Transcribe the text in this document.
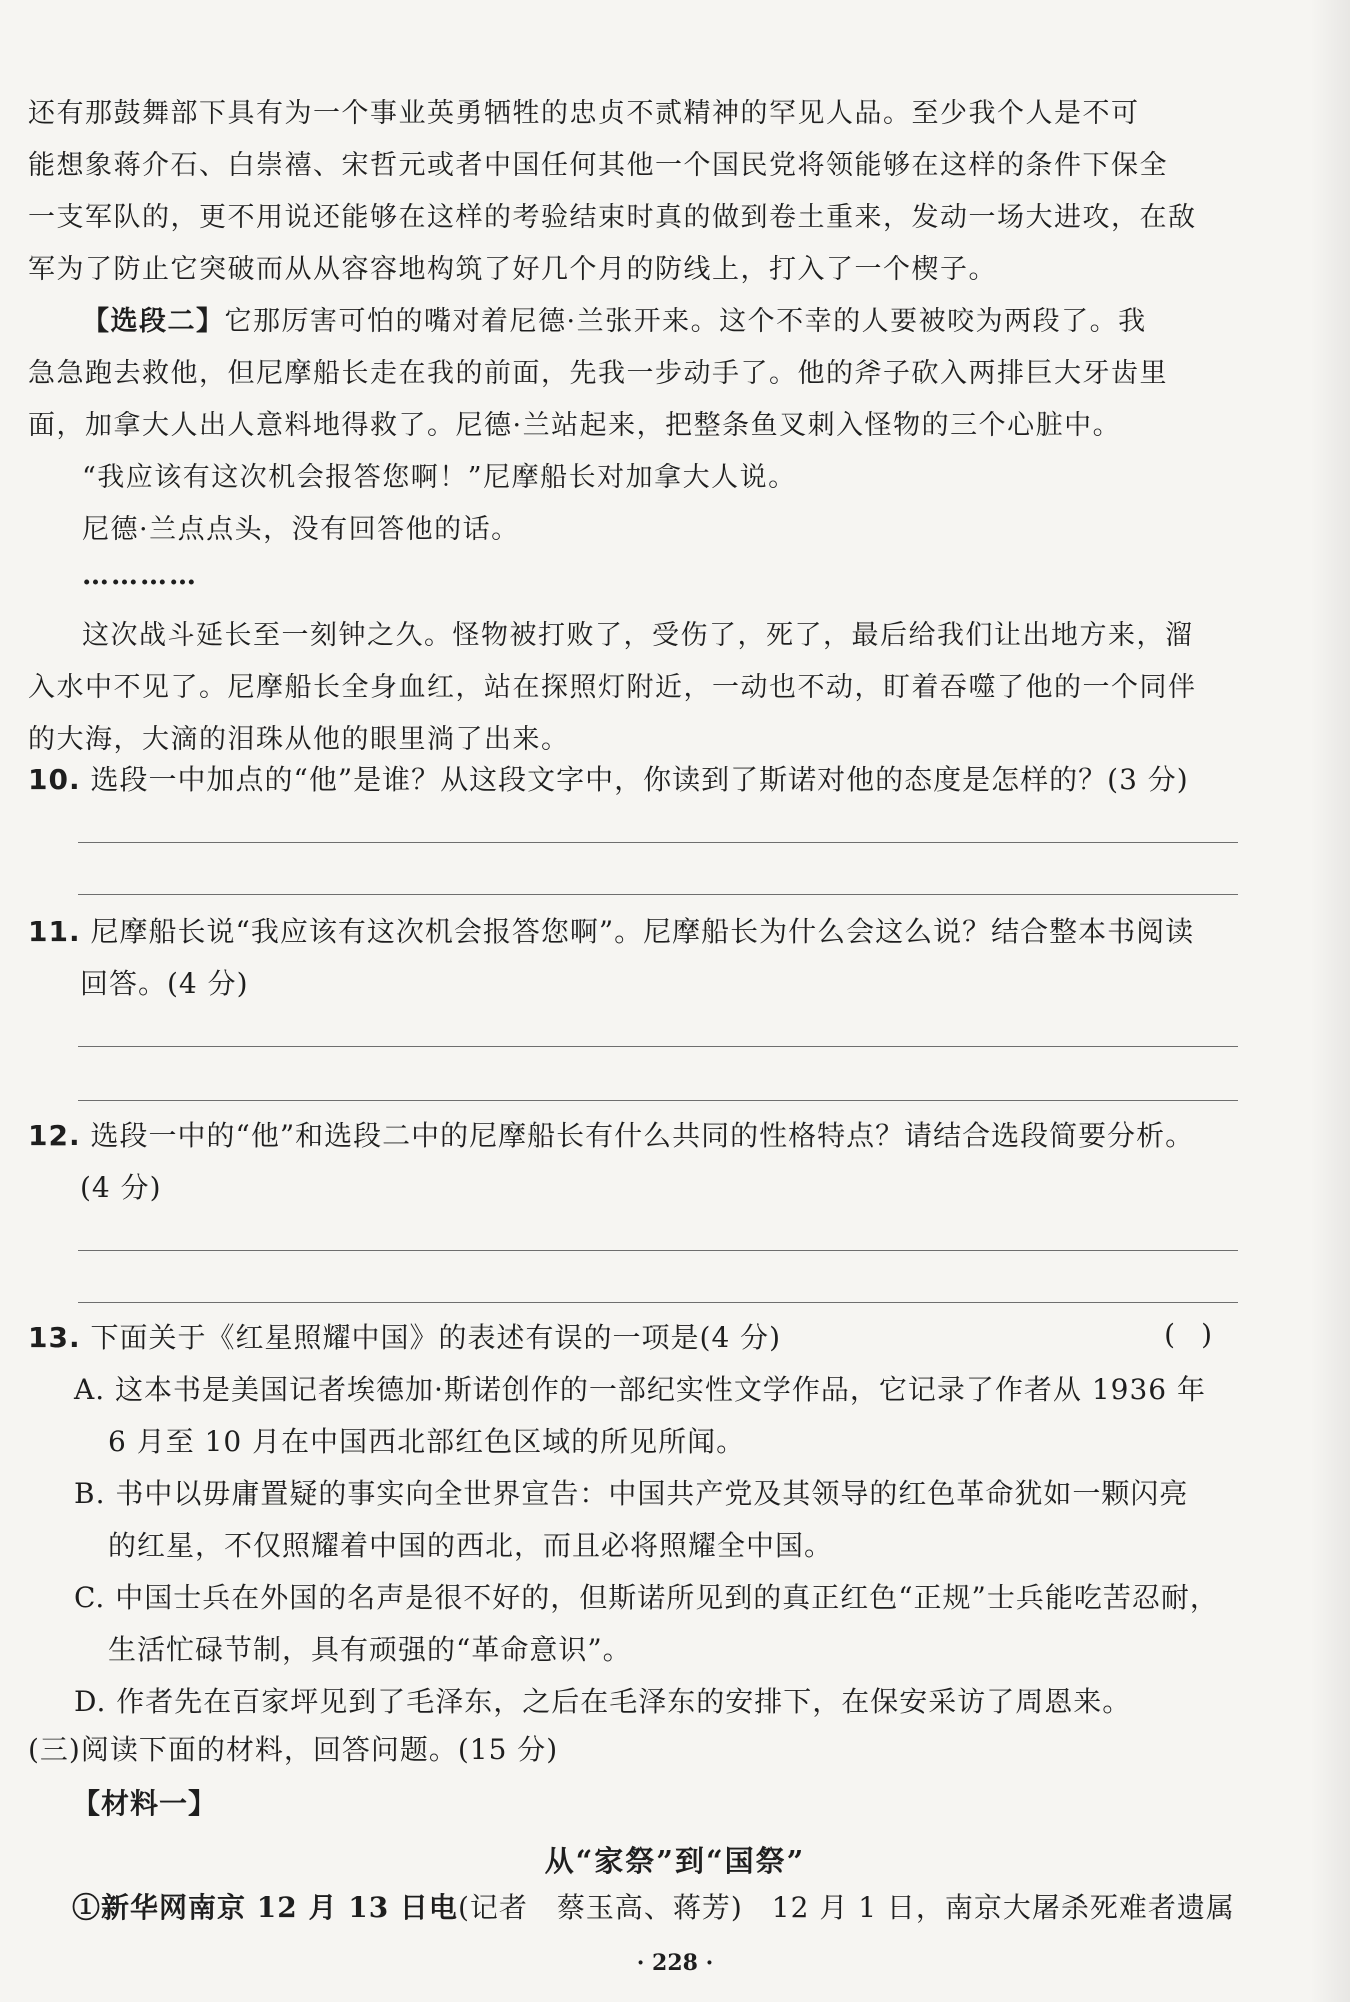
还有那鼓舞部下具有为一个事业英勇牺牲的忠贞不贰精神的罕见人品。至少我个人是不可
能想象蒋介石、白崇禧、宋哲元或者中国任何其他一个国民党将领能够在这样的条件下保全
一支军队的，更不用说还能够在这样的考验结束时真的做到卷土重来，发动一场大进攻，在敌
军为了防止它突破而从从容容地构筑了好几个月的防线上，打入了一个楔子。
【选段二】它那厉害可怕的嘴对着尼德·兰张开来。这个不幸的人要被咬为两段了。我
急急跑去救他，但尼摩船长走在我的前面，先我一步动手了。他的斧子砍入两排巨大牙齿里
面，加拿大人出人意料地得救了。尼德·兰站起来，把整条鱼叉刺入怪物的三个心脏中。
“我应该有这次机会报答您啊！”尼摩船长对加拿大人说。
尼德·兰点点头，没有回答他的话。
…………
这次战斗延长至一刻钟之久。怪物被打败了，受伤了，死了，最后给我们让出地方来，溜
入水中不见了。尼摩船长全身血红，站在探照灯附近，一动也不动，盯着吞噬了他的一个同伴
的大海，大滴的泪珠从他的眼里淌了出来。
10. 选段一中加点的“他”是谁？从这段文字中，你读到了斯诺对他的态度是怎样的？(3 分)
11. 尼摩船长说“我应该有这次机会报答您啊”。尼摩船长为什么会这么说？结合整本书阅读
回答。(4 分)
12. 选段一中的“他”和选段二中的尼摩船长有什么共同的性格特点？请结合选段简要分析。
(4 分)
13. 下面关于《红星照耀中国》的表述有误的一项是(4 分)	()
A. 这本书是美国记者埃德加·斯诺创作的一部纪实性文学作品，它记录了作者从 1936 年
6 月至 10 月在中国西北部红色区域的所见所闻。
B. 书中以毋庸置疑的事实向全世界宣告：中国共产党及其领导的红色革命犹如一颗闪亮
的红星，不仅照耀着中国的西北，而且必将照耀全中国。
C. 中国士兵在外国的名声是很不好的，但斯诺所见到的真正红色“正规”士兵能吃苦忍耐，
生活忙碌节制，具有顽强的“革命意识”。
D. 作者先在百家坪见到了毛泽东，之后在毛泽东的安排下，在保安采访了周恩来。
(三)阅读下面的材料，回答问题。(15 分)
【材料一】
从“家祭”到“国祭”
①新华网南京 12 月 13 日电(记者　蔡玉高、蒋芳)　12 月 1 日，南京大屠杀死难者遗属
· 228 ·
